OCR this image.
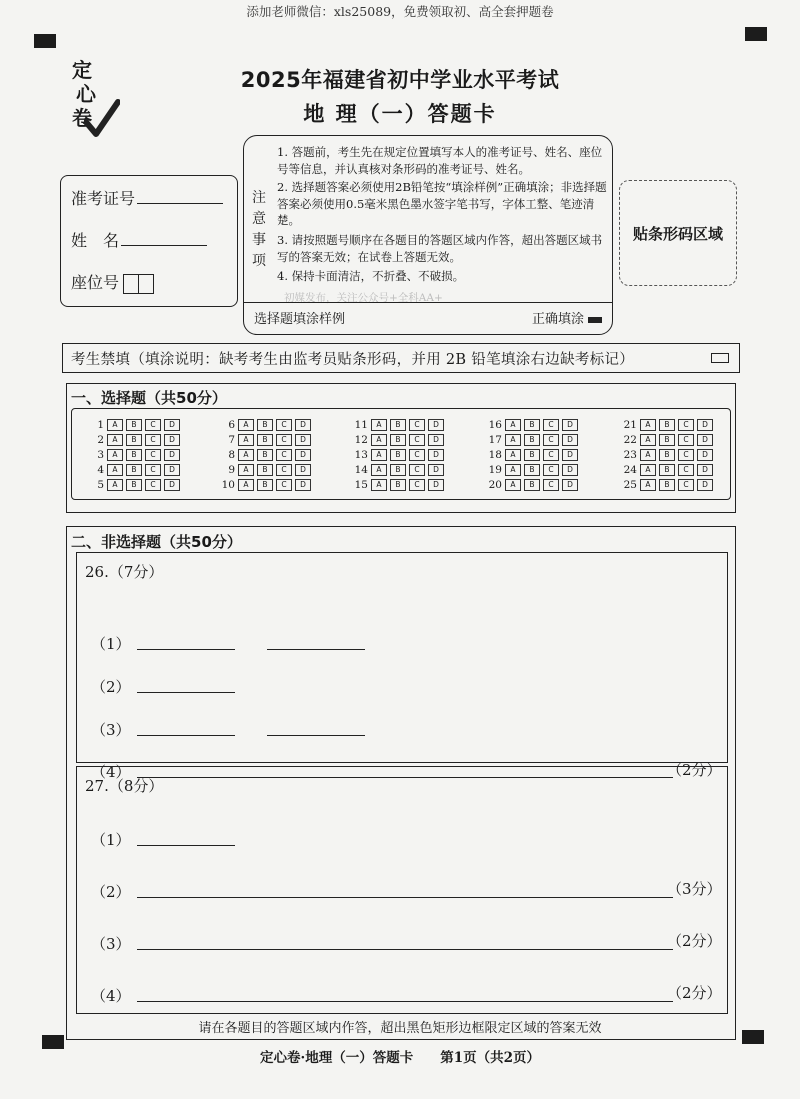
添加老师微信：xls25089，免费领取初、高全套押题卷
定
心
卷
2025年福建省初中学业水平考试
地 理（一）答题卡
准考证号
姓　名
座位号
注
意
事
项
1. 答题前，考生先在规定位置填写本人的准考证号、姓名、座位号等信息，并认真核对条形码的准考证号、姓名。
2. 选择题答案必须使用2B铅笔按“填涂样例”正确填涂；非选择题答案必须使用0.5毫米黑色墨水签字笔书写，字体工整、笔迹清楚。
3. 请按照题号顺序在各题目的答题区域内作答，超出答题区域书写的答案无效；在试卷上答题无效。
4. 保持卡面清洁，不折叠、不破损。
初媒发布，关注公众号+全科AA+
选择题填涂样例	正确填涂
贴条形码区域
考生禁填（填涂说明：缺考考生由监考员贴条形码，并用 2B 铅笔填涂右边缺考标记）
一、选择题（共50分）
1	A	B	C	D
2	A	B	C	D
3	A	B	C	D
4	A	B	C	D
5	A	B	C	D
6	A	B	C	D
7	A	B	C	D
8	A	B	C	D
9	A	B	C	D
10	A	B	C	D
11	A	B	C	D
12	A	B	C	D
13	A	B	C	D
14	A	B	C	D
15	A	B	C	D
16	A	B	C	D
17	A	B	C	D
18	A	B	C	D
19	A	B	C	D
20	A	B	C	D
21	A	B	C	D
22	A	B	C	D
23	A	B	C	D
24	A	B	C	D
25	A	B	C	D
二、非选择题（共50分）
26.（7分）
（1）
（2）
（3）
（4）	（2分）
27.（8分）
（1）
（2）	（3分）
（3）	（2分）
（4）	（2分）
请在各题目的答题区域内作答，超出黑色矩形边框限定区域的答案无效
定心卷·地理（一）答题卡　　第1页（共2页）
